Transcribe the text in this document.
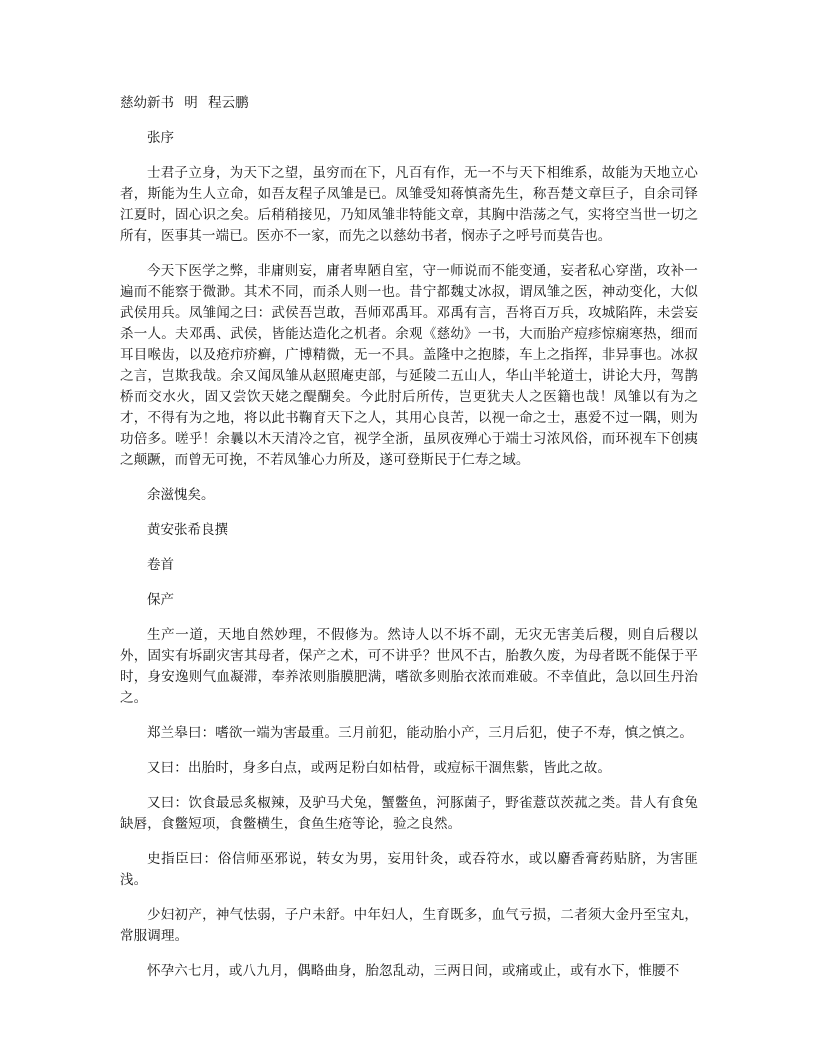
慈幼新书 明 程云鹏
张序

士君子立身，为天下之望，虽穷而在下，凡百有作，无一不与天下相维系，故能为天地立心者，斯能为生人立命，如吾友程子凤雏是已。凤雏受知蒋慎斋先生，称吾楚文章巨子，自余司铎江夏时，固心识之矣。后稍稍接见，乃知凤雏非特能文章，其胸中浩荡之气，实将空当世一切之所有，医事其一端已。医亦不一家，而先之以慈幼书者，悯赤子之呼号而莫告也。

今天下医学之弊，非庸则妄，庸者卑陋自室，守一师说而不能变通，妄者私心穿凿，攻补一遍而不能察于微渺。其术不同，而杀人则一也。昔宁都魏丈冰叔，谓凤雏之医，神动变化，大似武侯用兵。凤雏闻之曰：武侯吾岂敢，吾师邓禹耳。邓禹有言，吾将百万兵，攻城陷阵，未尝妄杀一人。夫邓禹、武侯，皆能达造化之机者。余观《慈幼》一书，大而胎产痘疹惊痫寒热，细而耳目喉齿，以及疮疖疥癣，广博精微，无一不具。盖隆中之抱膝，车上之指挥，非异事也。冰叔之言，岂欺我哉。余又闻凤雏从赵照庵吏部，与延陵二五山人，华山半轮道士，讲论大丹，驾鹊桥而交水火，固又尝饮天姥之醍醐矣。今此肘后所传，岂更犹夫人之医籍也哉！凤雏以有为之才，不得有为之地，将以此书鞠育天下之人，其用心良苦，以视一命之士，惠爱不过一隅，则为功倍多。嗟乎！余曩以木天清冷之官，视学全浙，虽夙夜殚心于端士习浓风俗，而环视车下创痍之颠蹶，而曾无可挽，不若凤雏心力所及，遂可登斯民于仁寿之域。

余滋愧矣。
黄安张希良撰
卷首
保产

生产一道，天地自然妙理，不假修为。然诗人以不坼不副，无灾无害美后稷，则自后稷以外，固实有坼副灾害其母者，保产之术，可不讲乎？世风不古，胎教久废，为母者既不能保于平时，身安逸则气血凝滞，奉养浓则脂膜肥满，嗜欲多则胎衣浓而难破。不幸值此，急以回生丹治之。

郑兰皋曰：嗜欲一端为害最重。三月前犯，能动胎小产，三月后犯，使子不寿，慎之慎之。

又曰：出胎时，身多白点，或两足粉白如枯骨，或痘标干涸焦紫，皆此之故。

又曰：饮食最忌炙椒辣，及驴马犬兔，蟹鳖鱼，河豚菌子，野雀薏苡茨菰之类。昔人有食兔缺唇，食鳖短项，食鳖横生，食鱼生疮等论，验之良然。

史指臣曰：俗信师巫邪说，转女为男，妄用针灸，或吞符水，或以麝香膏药贴脐，为害匪浅。

少妇初产，神气怯弱，子户未舒。中年妇人，生育既多，血气亏损，二者须大金丹至宝丸，常服调理。

怀孕六七月，或八九月，偶略曲身，胎忽乱动，三两日间，或痛或止，或有水下，惟腰不
